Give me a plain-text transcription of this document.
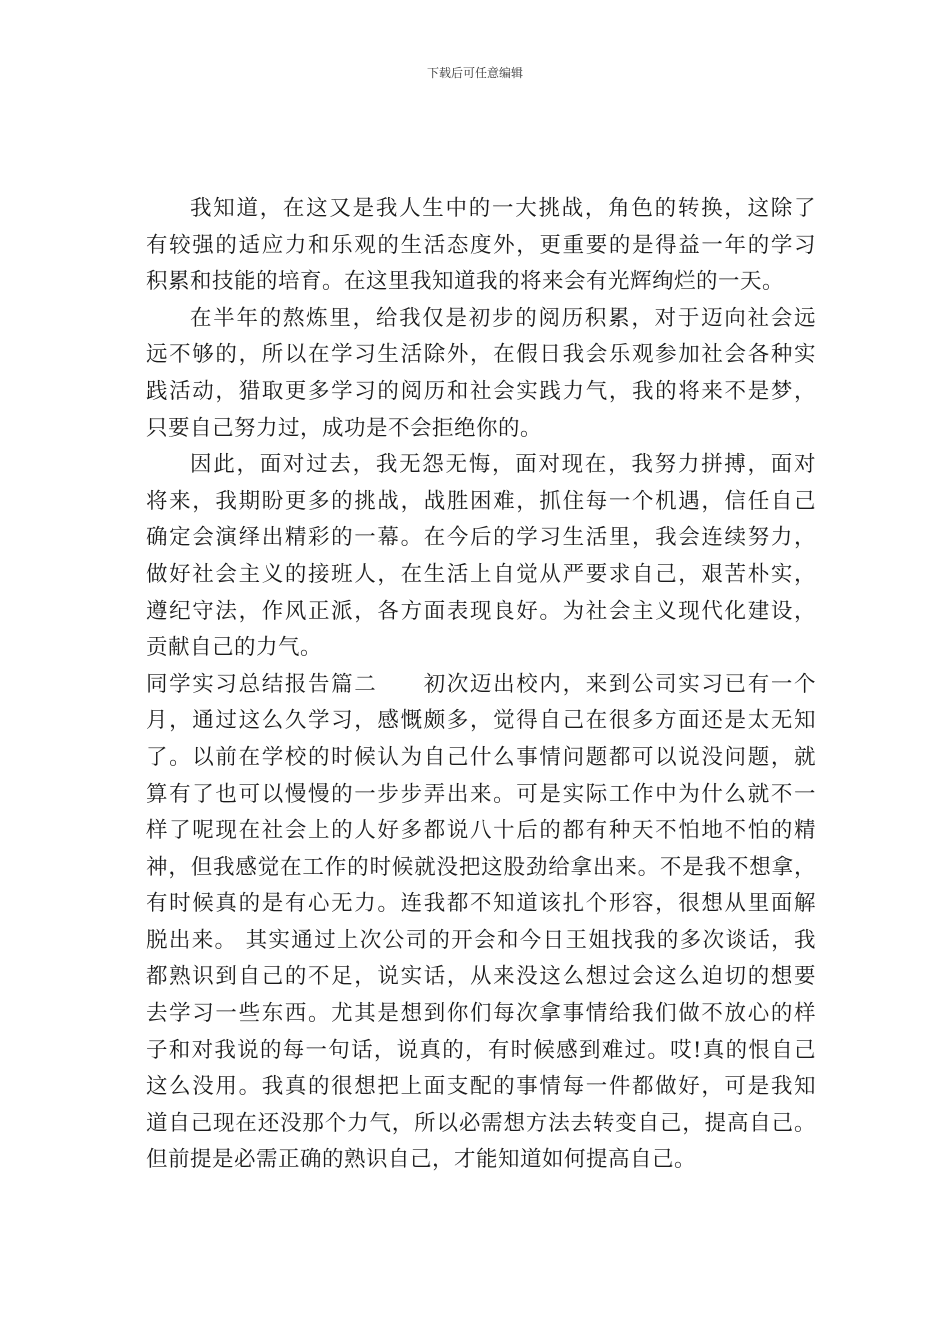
下载后可任意编辑
我知道，在这又是我人生中的一大挑战，角色的转换，这除了
有较强的适应力和乐观的生活态度外，更重要的是得益一年的学习
积累和技能的培育。在这里我知道我的将来会有光辉绚烂的一天。
在半年的熬炼里，给我仅是初步的阅历积累，对于迈向社会远
远不够的，所以在学习生活除外，在假日我会乐观参加社会各种实
践活动，猎取更多学习的阅历和社会实践力气，我的将来不是梦，
只要自己努力过，成功是不会拒绝你的。
因此，面对过去，我无怨无悔，面对现在，我努力拼搏，面对
将来，我期盼更多的挑战，战胜困难，抓住每一个机遇，信任自己
确定会演绎出精彩的一幕。在今后的学习生活里，我会连续努力，
做好社会主义的接班人，在生活上自觉从严要求自己，艰苦朴实，
遵纪守法，作风正派，各方面表现良好。为社会主义现代化建设，
贡献自己的力气。
同学实习总结报告篇二　　初次迈出校内，来到公司实习已有一个
月，通过这么久学习，感慨颇多，觉得自己在很多方面还是太无知
了。以前在学校的时候认为自己什么事情问题都可以说没问题，就
算有了也可以慢慢的一步步弄出来。可是实际工作中为什么就不一
样了呢现在社会上的人好多都说八十后的都有种天不怕地不怕的精
神，但我感觉在工作的时候就没把这股劲给拿出来。不是我不想拿，
有时候真的是有心无力。连我都不知道该扎个形容，很想从里面解
脱出来。 其实通过上次公司的开会和今日王姐找我的多次谈话，我
都熟识到自己的不足，说实话，从来没这么想过会这么迫切的想要
去学习一些东西。尤其是想到你们每次拿事情给我们做不放心的样
子和对我说的每一句话，说真的，有时候感到难过。哎!真的恨自己
这么没用。我真的很想把上面支配的事情每一件都做好，可是我知
道自己现在还没那个力气，所以必需想方法去转变自己，提高自己。
但前提是必需正确的熟识自己，才能知道如何提高自己。
